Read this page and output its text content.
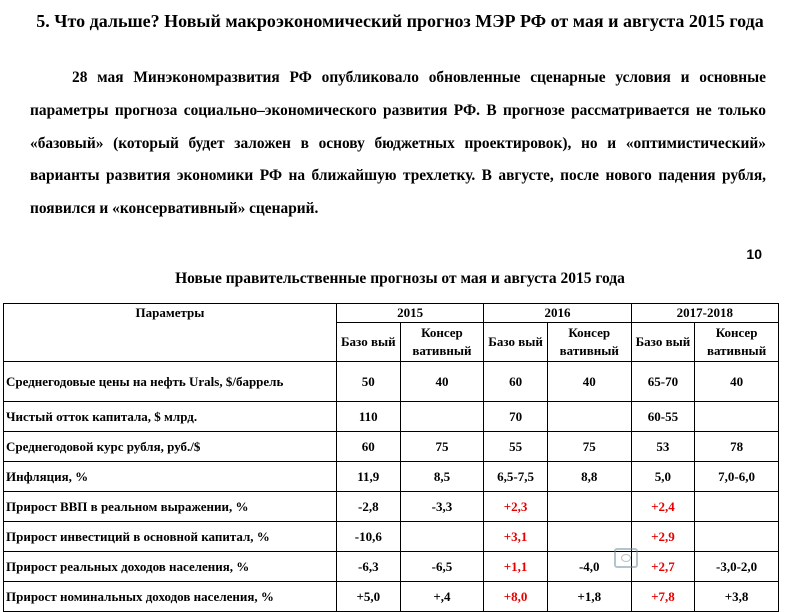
5. Что дальше? Новый макроэкономический прогноз МЭР РФ от мая и августа 2015 года
28 мая Минэкономразвития РФ опубликовало обновленные сценарные условия и основные параметры прогноза социально–экономического развития РФ. В прогнозе рассматривается не только «базовый» (который будет заложен в основу бюджетных проектировок), но и «оптимистический» варианты развития экономики РФ на ближайшую трехлетку. В августе, после нового падения рубля, появился и «консервативный» сценарий.
10
Новые правительственные прогнозы от мая и августа 2015 года
Параметры	2015		2016		2017-2018	
	Базо вый	Консер вативный	Базо вый	Консер вативный	Базо вый	Консер вативный
Среднегодовые цены на нефть Urals, $/баррель	50	40	60	40	65-70	40
Чистый отток капитала, $ млрд.	110		70		60-55	
Среднегодовой курс рубля, руб./$	60	75	55	75	53	78
Инфляция, %	11,9	8,5	6,5-7,5	8,8	5,0	7,0-6,0
Прирост ВВП в реальном выражении, %	-2,8	-3,3	+2,3		+2,4	
Прирост инвестиций в основной капитал, %	-10,6		+3,1		+2,9	
Прирост реальных доходов населения, %	-6,3	-6,5	+1,1	-4,0	+2,7	-3,0-2,0
Прирост номинальных доходов населения, %	+5,0	+,4	+8,0	+1,8	+7,8	+3,8
